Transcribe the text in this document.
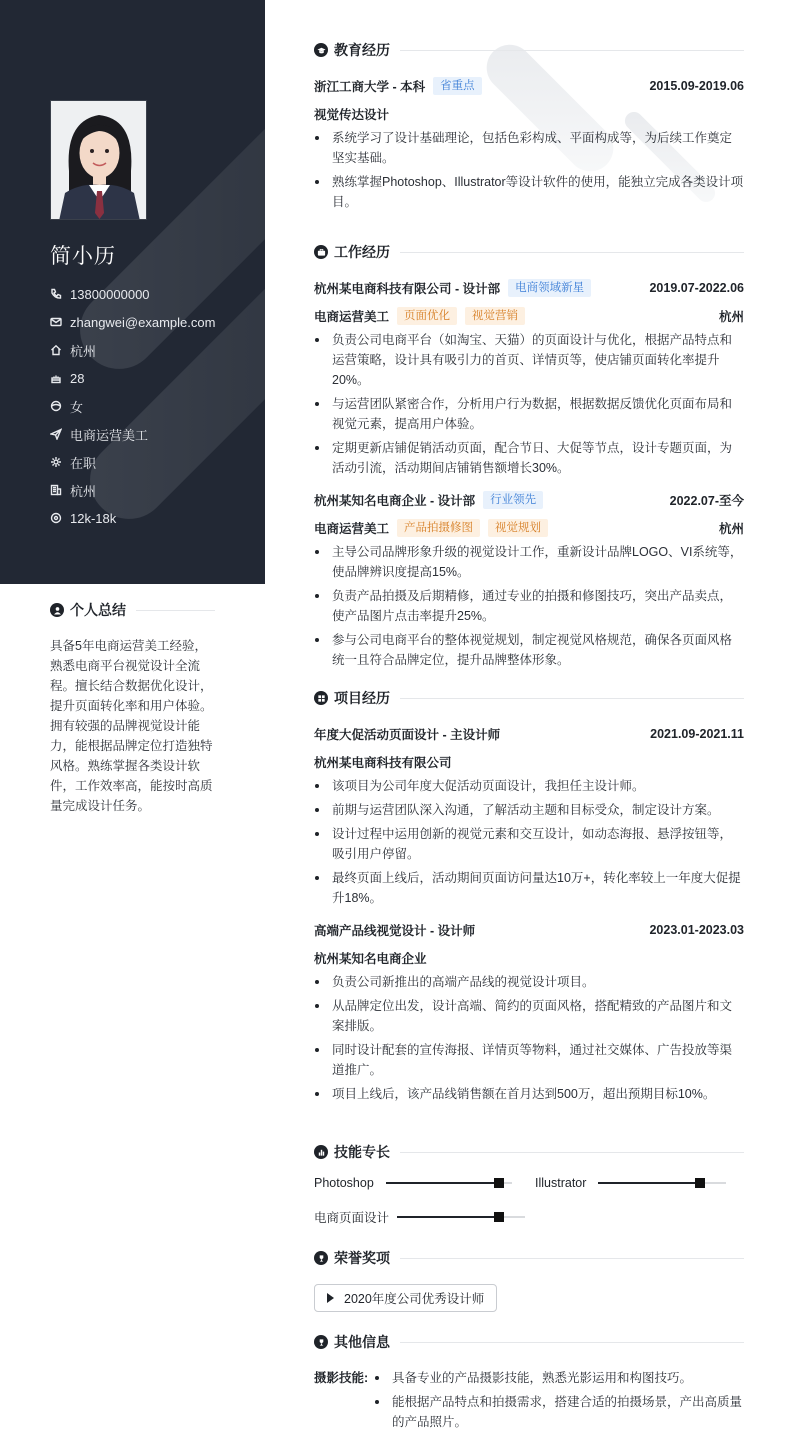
简小历
13800000000
zhangwei@example.com
杭州
28
女
电商运营美工
在职
杭州
12k-18k
个人总结
具备5年电商运营美工经验，熟悉电商平台视觉设计全流程。擅长结合数据优化设计，提升页面转化率和用户体验。 拥有较强的品牌视觉设计能力，能根据品牌定位打造独特风格。熟练掌握各类设计软件，工作效率高，能按时高质量完成设计任务。
教育经历
浙江工商大学 - 本科	省重点	2015.09-2019.06
视觉传达设计
系统学习了设计基础理论，包括色彩构成、平面构成等，为后续工作奠定坚实基础。
熟练掌握Photoshop、Illustrator等设计软件的使用，能独立完成各类设计项目。
工作经历
杭州某电商科技有限公司 - 设计部	电商领域新星	2019.07-2022.06
电商运营美工	页面优化	视觉营销	杭州
负责公司电商平台（如淘宝、天猫）的页面设计与优化，根据产品特点和运营策略，设计具有吸引力的首页、详情页等，使店铺页面转化率提升20%。
与运营团队紧密合作，分析用户行为数据，根据数据反馈优化页面布局和视觉元素，提高用户体验。
定期更新店铺促销活动页面，配合节日、大促等节点，设计专题页面，为活动引流，活动期间店铺销售额增长30%。
杭州某知名电商企业 - 设计部	行业领先	2022.07-至今
电商运营美工	产品拍摄修图	视觉规划	杭州
主导公司品牌形象升级的视觉设计工作，重新设计品牌LOGO、VI系统等，使品牌辨识度提高15%。
负责产品拍摄及后期精修，通过专业的拍摄和修图技巧，突出产品卖点，使产品图片点击率提升25%。
参与公司电商平台的整体视觉规划，制定视觉风格规范，确保各页面风格统一且符合品牌定位，提升品牌整体形象。
项目经历
年度大促活动页面设计 - 主设计师	2021.09-2021.11
杭州某电商科技有限公司
该项目为公司年度大促活动页面设计，我担任主设计师。
前期与运营团队深入沟通，了解活动主题和目标受众，制定设计方案。
设计过程中运用创新的视觉元素和交互设计，如动态海报、悬浮按钮等，吸引用户停留。
最终页面上线后，活动期间页面访问量达10万+，转化率较上一年度大促提升18%。
高端产品线视觉设计 - 设计师	2023.01-2023.03
杭州某知名电商企业
负责公司新推出的高端产品线的视觉设计项目。
从品牌定位出发，设计高端、简约的页面风格，搭配精致的产品图片和文案排版。
同时设计配套的宣传海报、详情页等物料，通过社交媒体、广告投放等渠道推广。
项目上线后，该产品线销售额在首月达到500万，超出预期目标10%。
技能专长
Photoshop	Illustrator
电商页面设计
荣誉奖项
2020年度公司优秀设计师
其他信息
摄影技能:	具备专业的产品摄影技能，熟悉光影运用和构图技巧。
能根据产品特点和拍摄需求，搭建合适的拍摄场景，产出高质量的产品照片。
